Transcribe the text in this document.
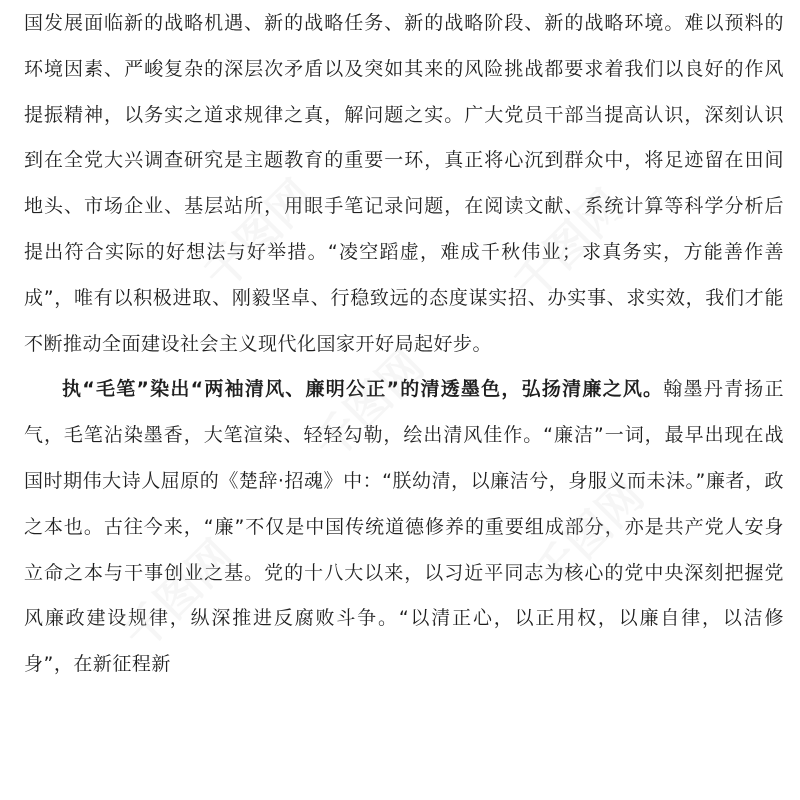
国发展面临新的战略机遇、新的战略任务、新的战略阶段、新的战略环境。难以预料的环境因素、严峻复杂的深层次矛盾以及突如其来的风险挑战都要求着我们以良好的作风提振精神，以务实之道求规律之真，解问题之实。广大党员干部当提高认识，深刻认识到在全党大兴调查研究是主题教育的重要一环，真正将心沉到群众中，将足迹留在田间地头、市场企业、基层站所，用眼手笔记录问题，在阅读文献、系统计算等科学分析后提出符合实际的好想法与好举措。“凌空蹈虚，难成千秋伟业；求真务实，方能善作善成”，唯有以积极进取、刚毅坚卓、行稳致远的态度谋实招、办实事、求实效，我们才能不断推动全面建设社会主义现代化国家开好局起好步。

执“毛笔”染出“两袖清风、廉明公正”的清透墨色，弘扬清廉之风。翰墨丹青扬正气，毛笔沾染墨香，大笔渲染、轻轻勾勒，绘出清风佳作。“廉洁”一词，最早出现在战国时期伟大诗人屈原的《楚辞·招魂》中：“朕幼清，以廉洁兮，身服义而未沬。”廉者，政之本也。古往今来，“廉”不仅是中国传统道德修养的重要组成部分，亦是共产党人安身立命之本与干事创业之基。党的十八大以来，以习近平同志为核心的党中央深刻把握党风廉政建设规律，纵深推进反腐败斗争。“以清正心，以正用权，以廉自律，以洁修身”，在新征程新

千图网
千图网
千图网
千图网
千图网
